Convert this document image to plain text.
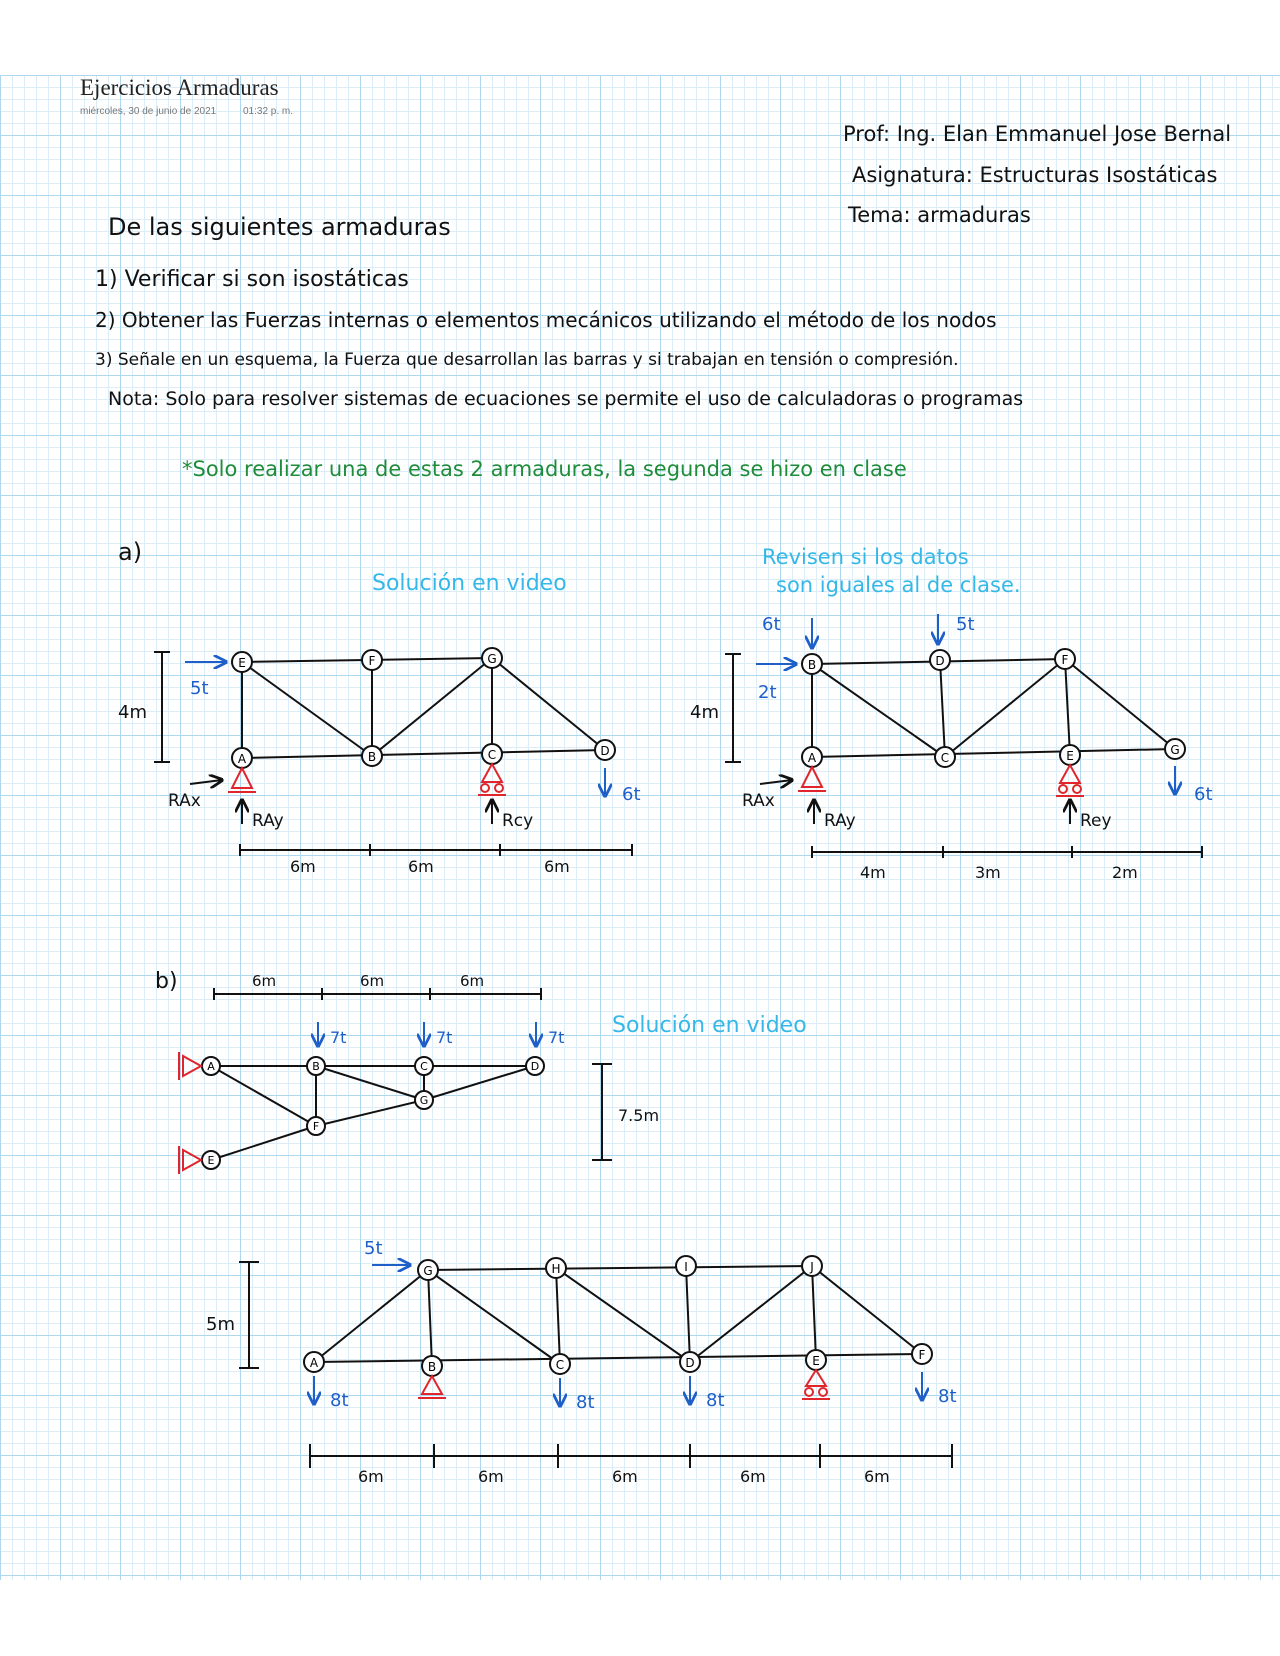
Ejercicios Armaduras
miércoles, 30 de junio de 2021	01:32 p. m.
Prof: Ing. Elan Emmanuel Jose Bernal
Asignatura: Estructuras Isostáticas
Tema: armaduras
De las siguientes armaduras
1) Verificar si son isostáticas
2) Obtener las Fuerzas internas o elementos mecánicos utilizando el método de los nodos
3) Señale en un esquema, la Fuerza que desarrollan las barras y si trabajan en tensión o compresión.
Nota: Solo para resolver sistemas de ecuaciones se permite el uso de calculadoras o programas
*Solo realizar una de estas 2 armaduras, la segunda se hizo en clase
a)
Solución en video
E	F	G
A	B	C	D
5t
6t
4m
RAx
RAy	Rcy
6m	6m	6m
Revisen si los datos
son iguales al de clase.
B	D	F
A	C	E	G
6t	5t
2t
6t
4m
RAx
RAy	Rey
4m	3m	2m
b)	6m	6m	6m
7t	7t	7t Solución en video
A	B	C	D
G
F
E
7.5m
5t
G	H	I	J
A	B	C	D	E	F
8t	8t	8t	8t
5m
6m	6m	6m	6m	6m
